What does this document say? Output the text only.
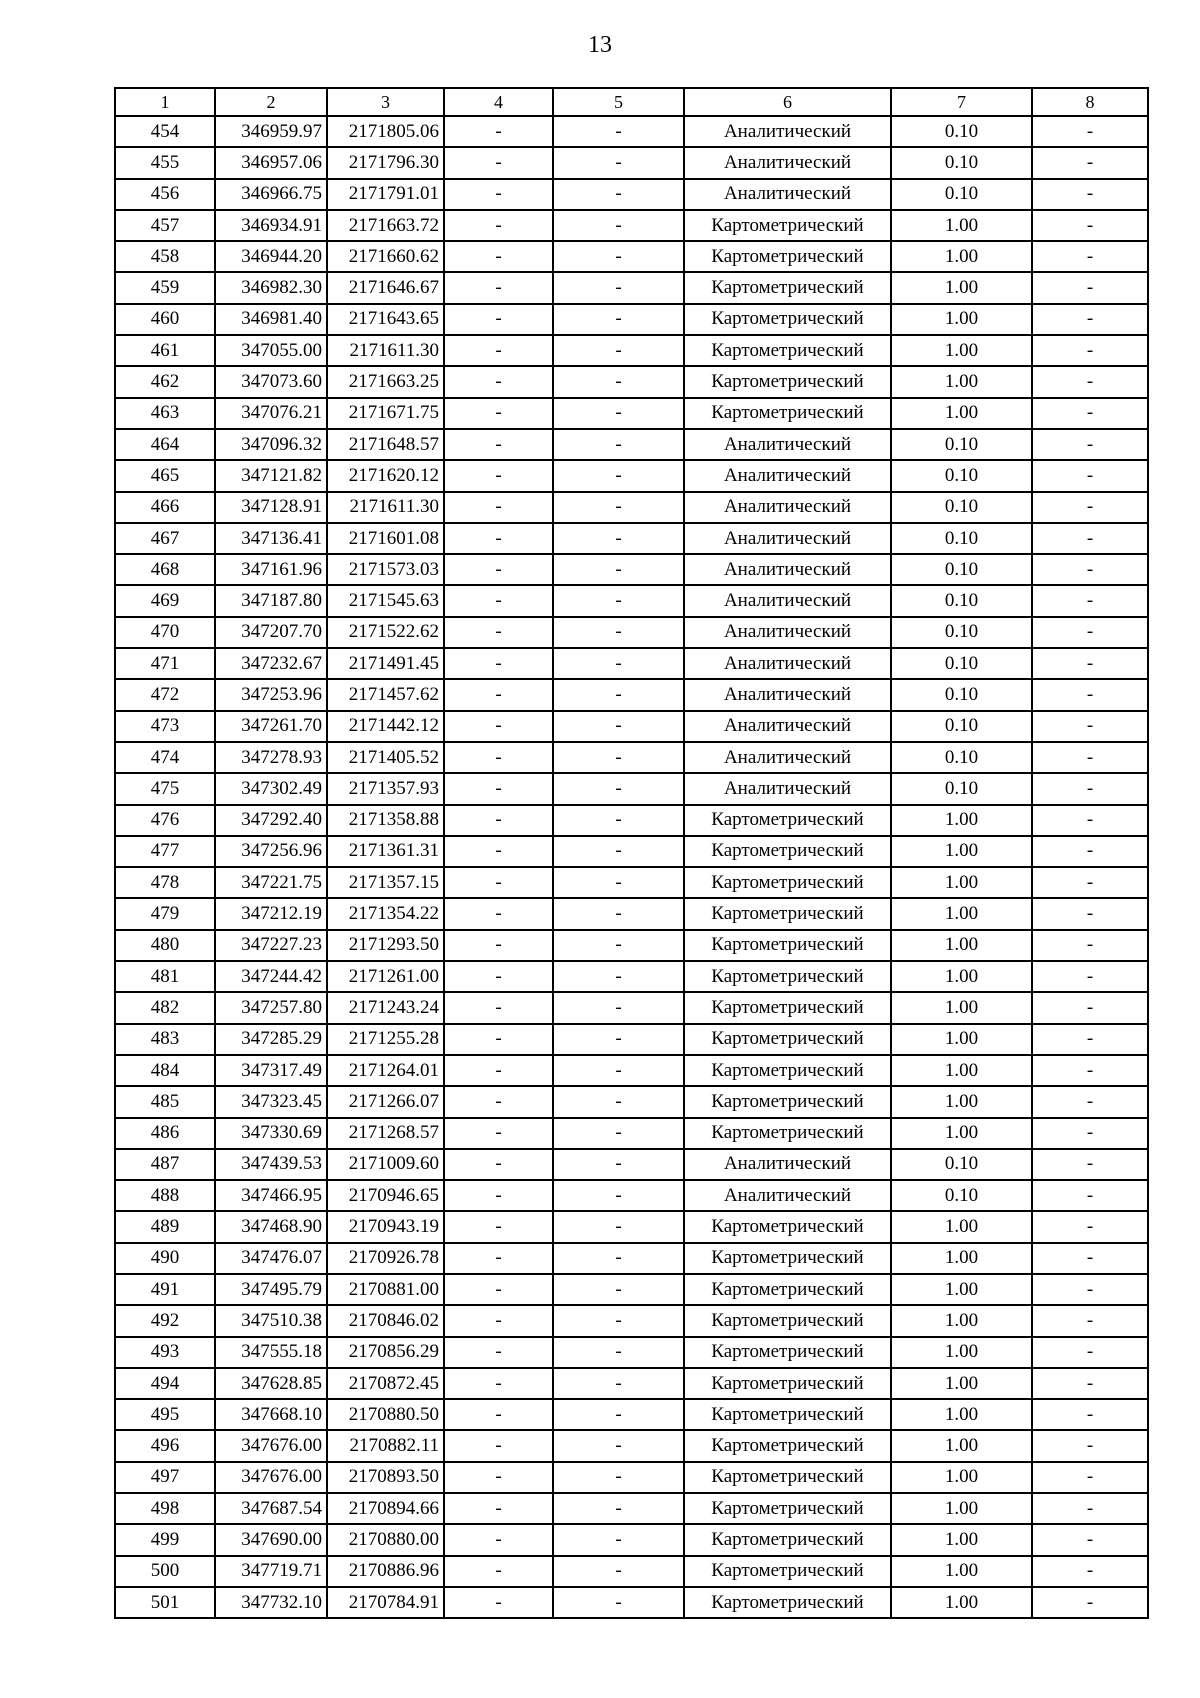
13
1	2	3	4	5	6	7	8
454	346959.97	2171805.06	-	-	Аналитический	0.10	-
455	346957.06	2171796.30	-	-	Аналитический	0.10	-
456	346966.75	2171791.01	-	-	Аналитический	0.10	-
457	346934.91	2171663.72	-	-	Картометрический	1.00	-
458	346944.20	2171660.62	-	-	Картометрический	1.00	-
459	346982.30	2171646.67	-	-	Картометрический	1.00	-
460	346981.40	2171643.65	-	-	Картометрический	1.00	-
461	347055.00	2171611.30	-	-	Картометрический	1.00	-
462	347073.60	2171663.25	-	-	Картометрический	1.00	-
463	347076.21	2171671.75	-	-	Картометрический	1.00	-
464	347096.32	2171648.57	-	-	Аналитический	0.10	-
465	347121.82	2171620.12	-	-	Аналитический	0.10	-
466	347128.91	2171611.30	-	-	Аналитический	0.10	-
467	347136.41	2171601.08	-	-	Аналитический	0.10	-
468	347161.96	2171573.03	-	-	Аналитический	0.10	-
469	347187.80	2171545.63	-	-	Аналитический	0.10	-
470	347207.70	2171522.62	-	-	Аналитический	0.10	-
471	347232.67	2171491.45	-	-	Аналитический	0.10	-
472	347253.96	2171457.62	-	-	Аналитический	0.10	-
473	347261.70	2171442.12	-	-	Аналитический	0.10	-
474	347278.93	2171405.52	-	-	Аналитический	0.10	-
475	347302.49	2171357.93	-	-	Аналитический	0.10	-
476	347292.40	2171358.88	-	-	Картометрический	1.00	-
477	347256.96	2171361.31	-	-	Картометрический	1.00	-
478	347221.75	2171357.15	-	-	Картометрический	1.00	-
479	347212.19	2171354.22	-	-	Картометрический	1.00	-
480	347227.23	2171293.50	-	-	Картометрический	1.00	-
481	347244.42	2171261.00	-	-	Картометрический	1.00	-
482	347257.80	2171243.24	-	-	Картометрический	1.00	-
483	347285.29	2171255.28	-	-	Картометрический	1.00	-
484	347317.49	2171264.01	-	-	Картометрический	1.00	-
485	347323.45	2171266.07	-	-	Картометрический	1.00	-
486	347330.69	2171268.57	-	-	Картометрический	1.00	-
487	347439.53	2171009.60	-	-	Аналитический	0.10	-
488	347466.95	2170946.65	-	-	Аналитический	0.10	-
489	347468.90	2170943.19	-	-	Картометрический	1.00	-
490	347476.07	2170926.78	-	-	Картометрический	1.00	-
491	347495.79	2170881.00	-	-	Картометрический	1.00	-
492	347510.38	2170846.02	-	-	Картометрический	1.00	-
493	347555.18	2170856.29	-	-	Картометрический	1.00	-
494	347628.85	2170872.45	-	-	Картометрический	1.00	-
495	347668.10	2170880.50	-	-	Картометрический	1.00	-
496	347676.00	2170882.11	-	-	Картометрический	1.00	-
497	347676.00	2170893.50	-	-	Картометрический	1.00	-
498	347687.54	2170894.66	-	-	Картометрический	1.00	-
499	347690.00	2170880.00	-	-	Картометрический	1.00	-
500	347719.71	2170886.96	-	-	Картометрический	1.00	-
501	347732.10	2170784.91	-	-	Картометрический	1.00	-
